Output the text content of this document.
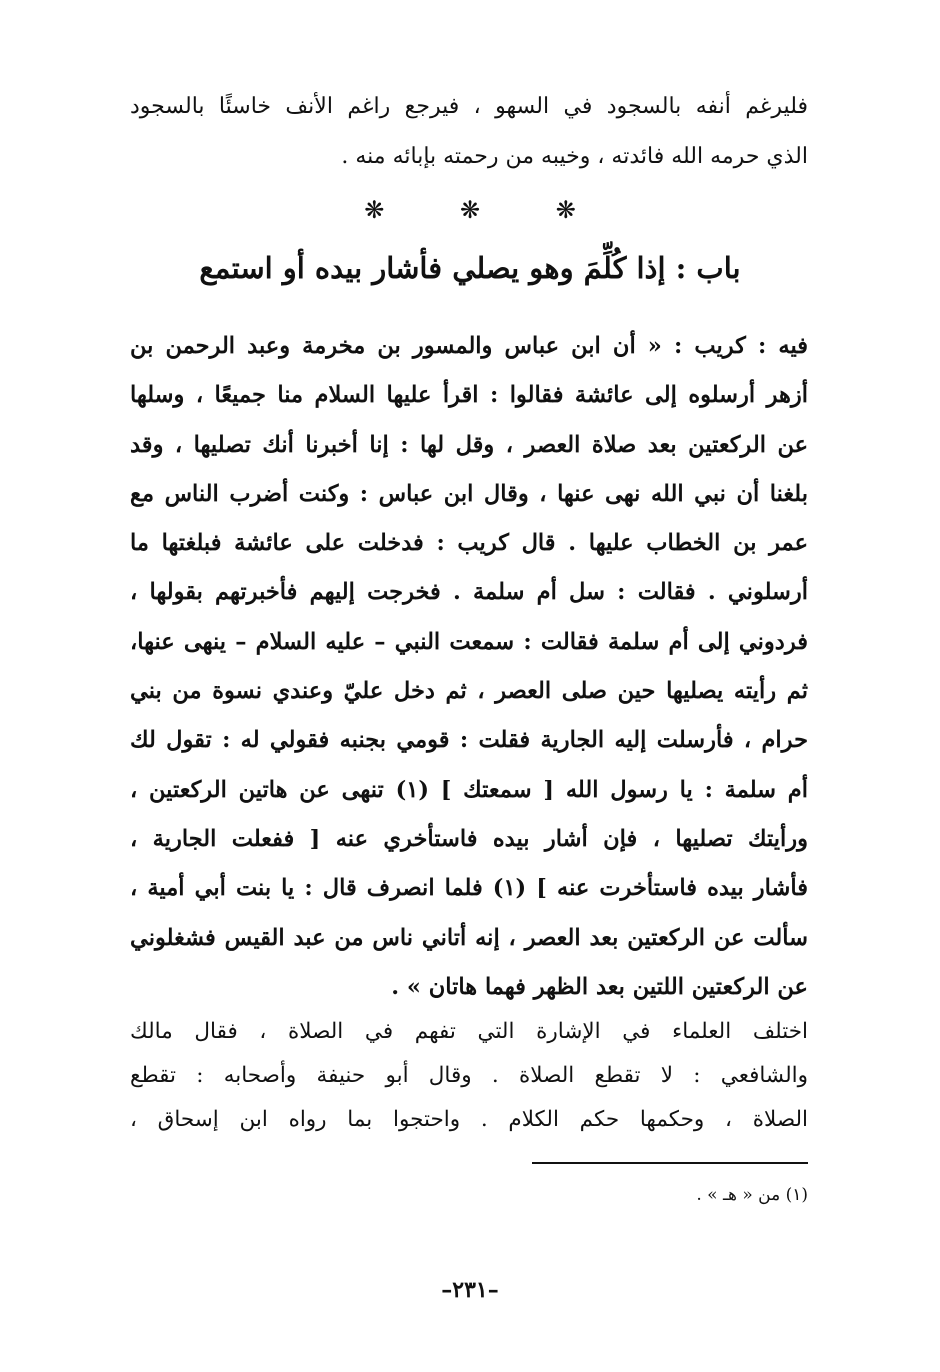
فليرغم أنفه بالسجود في السهو ، فيرجع راغم الأنف خاسئًا بالسجود
الذي حرمه الله فائدته ، وخيبه من رحمته بإبائه منه .
❋	❋	❋
باب : إذا كُلِّمَ وهو يصلي فأشار بيده أو استمع
فيه : كريب : « أن ابن عباس والمسور بن مخرمة وعبد الرحمن بن
أزهر أرسلوه إلى عائشة فقالوا : اقرأ عليها السلام منا جميعًا ، وسلها
عن الركعتين بعد صلاة العصر ، وقل لها : إنا أخبرنا أنك تصليها ، وقد
بلغنا أن نبي الله نهى عنها ، وقال ابن عباس : وكنت أضرب الناس مع
عمر بن الخطاب عليها . قال كريب : فدخلت على عائشة فبلغتها ما
أرسلوني . فقالت : سل أم سلمة . فخرجت إليهم فأخبرتهم بقولها ،
فردوني إلى أم سلمة فقالت : سمعت النبي – عليه السلام – ينهى عنها،
ثم رأيته يصليها حين صلى العصر ، ثم دخل عليّ وعندي نسوة من بني
حرام ، فأرسلت إليه الجارية فقلت : قومي بجنبه فقولي له : تقول لك
أم سلمة : يا رسول الله [ سمعتك ] (١) تنهى عن هاتين الركعتين ،
ورأيتك تصليها ، فإن أشار بيده فاستأخري عنه [ ففعلت الجارية ،
فأشار بيده فاستأخرت عنه ] (١) فلما انصرف قال : يا بنت أبي أمية ،
سألت عن الركعتين بعد العصر ، إنه أتاني ناس من عبد القيس فشغلوني
عن الركعتين اللتين بعد الظهر فهما هاتان » .
اختلف العلماء في الإشارة التي تفهم في الصلاة ، فقال مالك
والشافعي : لا تقطع الصلاة . وقال أبو حنيفة وأصحابه : تقطع
الصلاة ، وحكمها حكم الكلام . واحتجوا بما رواه ابن إسحاق ،
(١) من « هـ » .
–٢٣١–
